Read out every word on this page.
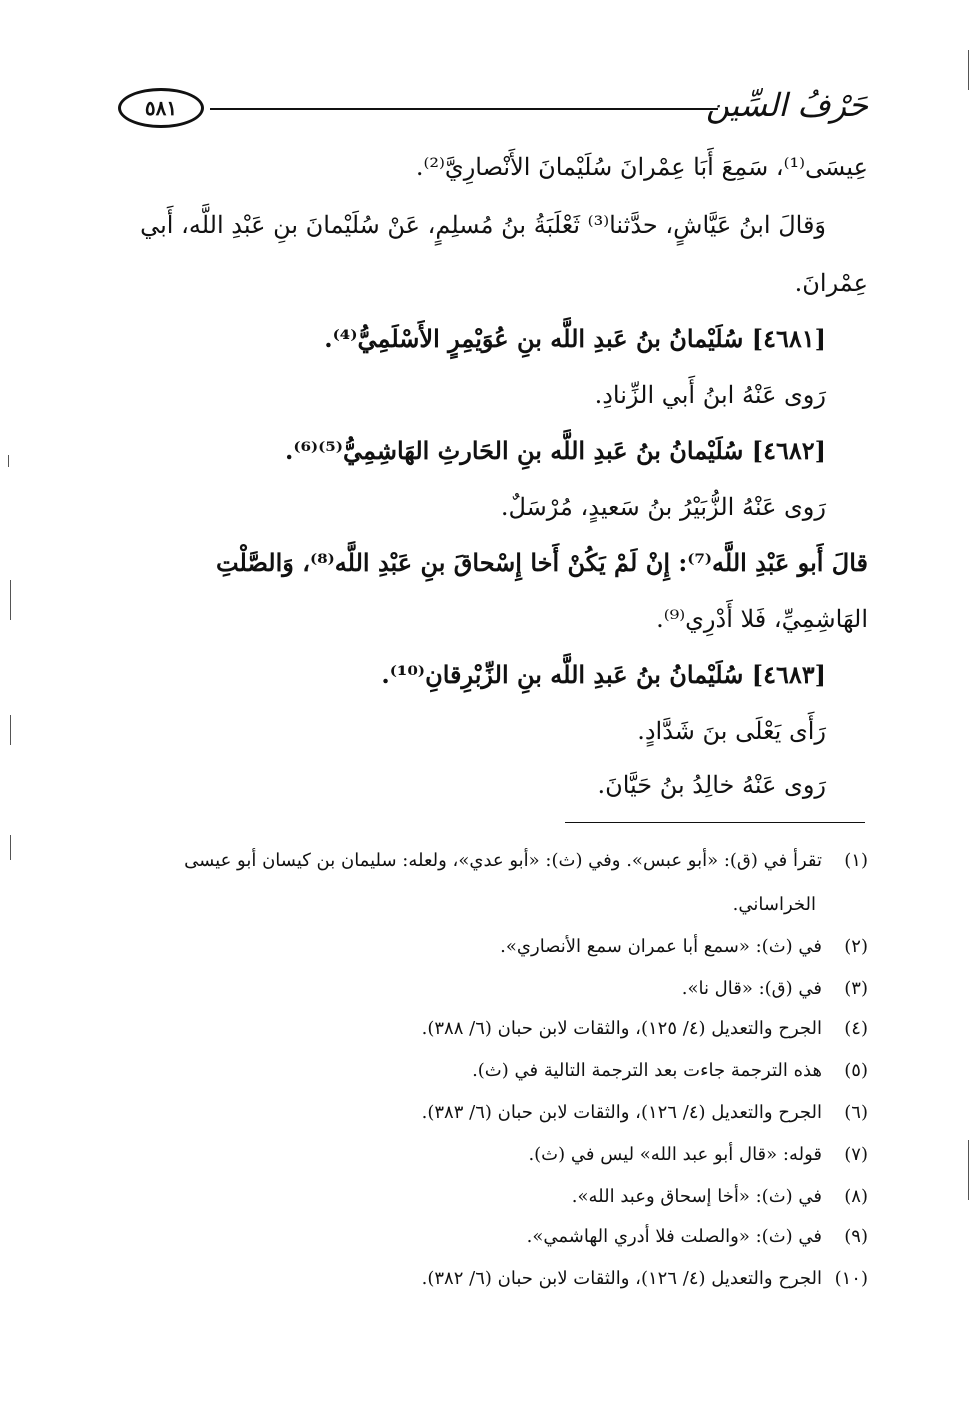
٥٨١	حَرْفُ السِّين
عِيسَى⁽¹⁾، سَمِعَ أَبَا عِمْرانَ سُلَيْمانَ الأَنْصارِيَّ⁽²⁾.
وَقالَ ابنُ عَيَّاشٍ، حدَّثنا⁽³⁾ ثَعْلَبَةُ بنُ مُسلِمٍ، عَنْ سُلَيْمانَ بنِ عَبْدِ اللَّه، أَبي
عِمْرانَ.
[٤٦٨١] سُلَيْمانُ بنُ عَبدِ اللَّه بنِ عُوَيْمِرٍ الأَسْلَمِيُّ⁽⁴⁾.
رَوى عَنْهُ ابنُ أَبي الزِّنادِ.
[٤٦٨٢] سُلَيْمانُ بنُ عَبدِ اللَّه بنِ الحَارثِ الهَاشِمِيُّ⁽⁵⁾⁽⁶⁾.
رَوى عَنْهُ الزُّبَيْرُ بنُ سَعيدٍ، مُرْسَلٌ.
قالَ أَبو عَبْدِ اللَّه⁽⁷⁾: إِنْ لَمْ يَكُنْ أَخا إِسْحاقَ بنِ عَبْدِ اللَّه⁽⁸⁾، وَالصَّلْتِ
الهَاشِمِيِّ، فَلا أَدْرِي⁽⁹⁾.
[٤٦٨٣] سُلَيْمانُ بنُ عَبدِ اللَّه بنِ الزِّبْرِقانِ⁽¹⁰⁾.
رَأَى يَعْلَى بنَ شَدَّادٍ.
رَوى عَنْهُ خالِدُ بنُ حَيَّانَ.
(١)تقرأ في (ق): «أبو عبس». وفي (ث): «أبو عدي»، ولعله: سليمان بن كيسان أبو عيسى
الخراساني.
(٢)في (ث): «سمع أبا عمران سمع الأنصاري».
(٣)في (ق): «قال نا».
(٤)الجرح والتعديل (٤/ ١٢٥)، والثقات لابن حبان (٦/ ٣٨٨).
(٥)هذه الترجمة جاءت بعد الترجمة التالية في (ث).
(٦)الجرح والتعديل (٤/ ١٢٦)، والثقات لابن حبان (٦/ ٣٨٣).
(٧)قوله: «قال أبو عبد الله» ليس في (ث).
(٨)في (ث): «أخا إسحاق وعبد الله».
(٩)في (ث): «والصلت فلا أدري الهاشمي».
(١٠)الجرح والتعديل (٤/ ١٢٦)، والثقات لابن حبان (٦/ ٣٨٢).
